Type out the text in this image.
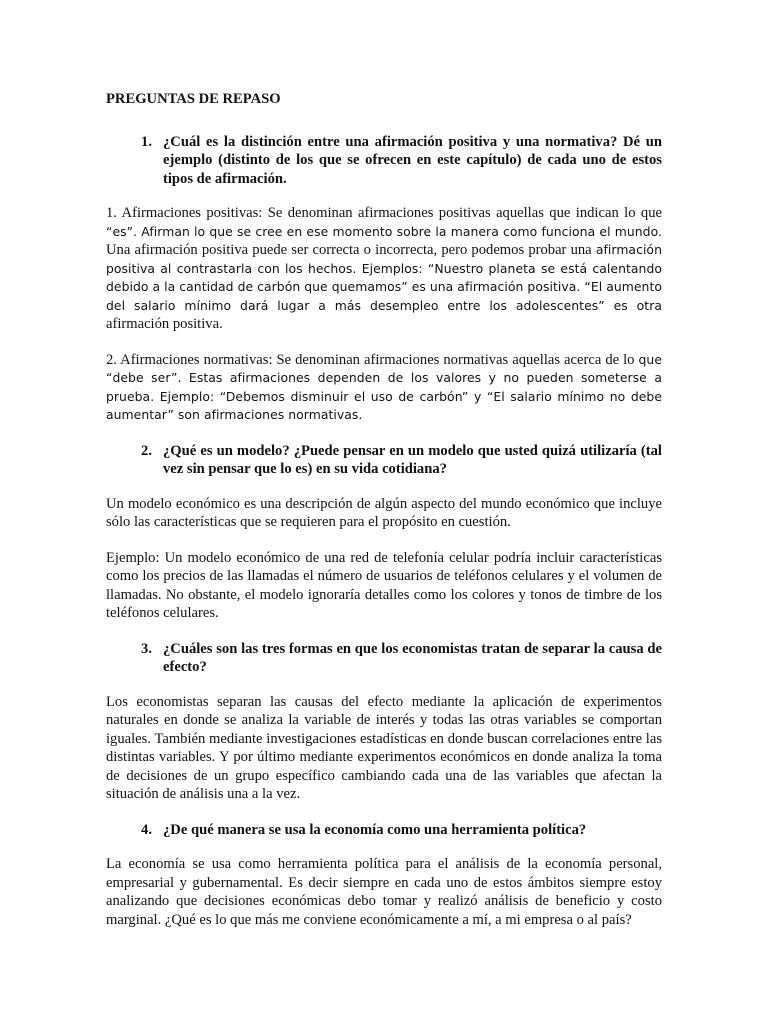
PREGUNTAS DE REPASO
1. ¿Cuál es la distinción entre una afirmación positiva y una normativa? Dé un ejemplo (distinto de los que se ofrecen en este capítulo) de cada uno de estos tipos de afirmación.
1. Afirmaciones positivas: Se denominan afirmaciones positivas aquellas que indican lo que “es”. Afirman lo que se cree en ese momento sobre la manera como funciona el mundo. Una afirmación positiva puede ser correcta o incorrecta, pero podemos probar una afirmación positiva al contrastarla con los hechos. Ejemplos: “Nuestro planeta se está calentando debido a la cantidad de carbón que quemamos” es una afirmación positiva. “El aumento del salario mínimo dará lugar a más desempleo entre los adolescentes” es otra afirmación positiva.
2. Afirmaciones normativas: Se denominan afirmaciones normativas aquellas acerca de lo que “debe ser”. Estas afirmaciones dependen de los valores y no pueden someterse a prueba. Ejemplo: “Debemos disminuir el uso de carbón” y “El salario mínimo no debe aumentar” son afirmaciones normativas.
2. ¿Qué es un modelo? ¿Puede pensar en un modelo que usted quizá utilizaría (tal vez sin pensar que lo es) en su vida cotidiana?
Un modelo económico es una descripción de algún aspecto del mundo económico que incluye sólo las características que se requieren para el propósito en cuestión.
Ejemplo: Un modelo económico de una red de telefonía celular podría incluir características como los precios de las llamadas el número de usuarios de teléfonos celulares y el volumen de llamadas. No obstante, el modelo ignoraría detalles como los colores y tonos de timbre de los teléfonos celulares.
3. ¿Cuáles son las tres formas en que los economistas tratan de separar la causa de efecto?
Los economistas separan las causas del efecto mediante la aplicación de experimentos naturales en donde se analiza la variable de interés y todas las otras variables se comportan iguales. También mediante investigaciones estadísticas en donde buscan correlaciones entre las distintas variables. Y por último mediante experimentos económicos en donde analiza la toma de decisiones de un grupo específico cambiando cada una de las variables que afectan la situación de análisis una a la vez.
4. ¿De qué manera se usa la economía como una herramienta política?
La economía se usa como herramienta política para el análisis de la economía personal, empresarial y gubernamental. Es decir siempre en cada uno de estos ámbitos siempre estoy analizando que decisiones económicas debo tomar y realizó análisis de beneficio y costo marginal. ¿Qué es lo que más me conviene económicamente a mí, a mi empresa o al país?
